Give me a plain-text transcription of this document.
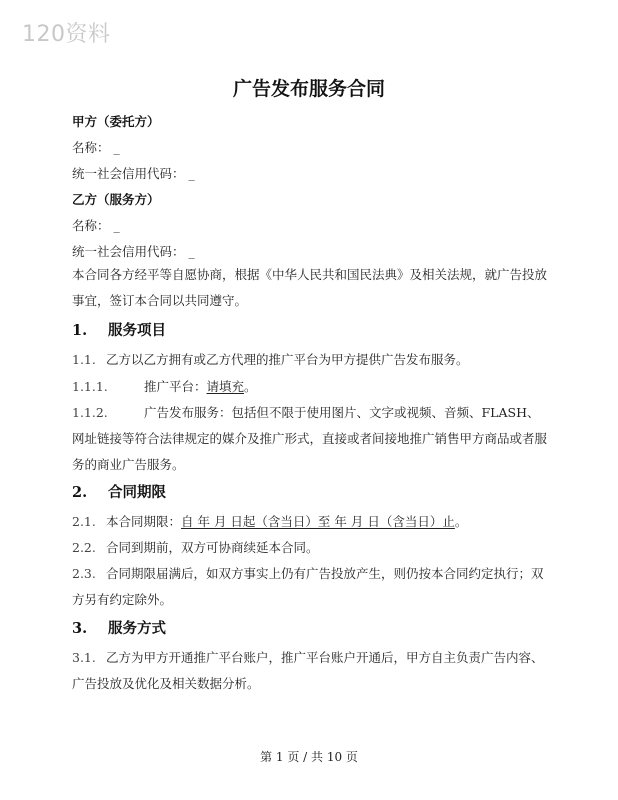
120资料
广告发布服务合同
甲方（委托方）
名称： _
统一社会信用代码： _
乙方（服务方）
名称： _
统一社会信用代码： _
本合同各方经平等自愿协商，根据《中华人民共和国民法典》及相关法规，就广告投放事宜，签订本合同以共同遵守。
1. 服务项目
1.1. 乙方以乙方拥有或乙方代理的推广平台为甲方提供广告发布服务。
1.1.1.	推广平台：请填充。
1.1.2.	广告发布服务：包括但不限于使用图片、文字或视频、音频、FLASH、网址链接等符合法律规定的媒介及推广形式，直接或者间接地推广销售甲方商品或者服务的商业广告服务。
2. 合同期限
2.1. 本合同期限：自 年 月 日起（含当日）至 年 月 日（含当日）止。
2.2. 合同到期前，双方可协商续延本合同。
2.3. 合同期限届满后，如双方事实上仍有广告投放产生，则仍按本合同约定执行；双方另有约定除外。
3. 服务方式
3.1. 乙方为甲方开通推广平台账户，推广平台账户开通后，甲方自主负责广告内容、广告投放及优化及相关数据分析。
第 1 页 / 共 10 页
